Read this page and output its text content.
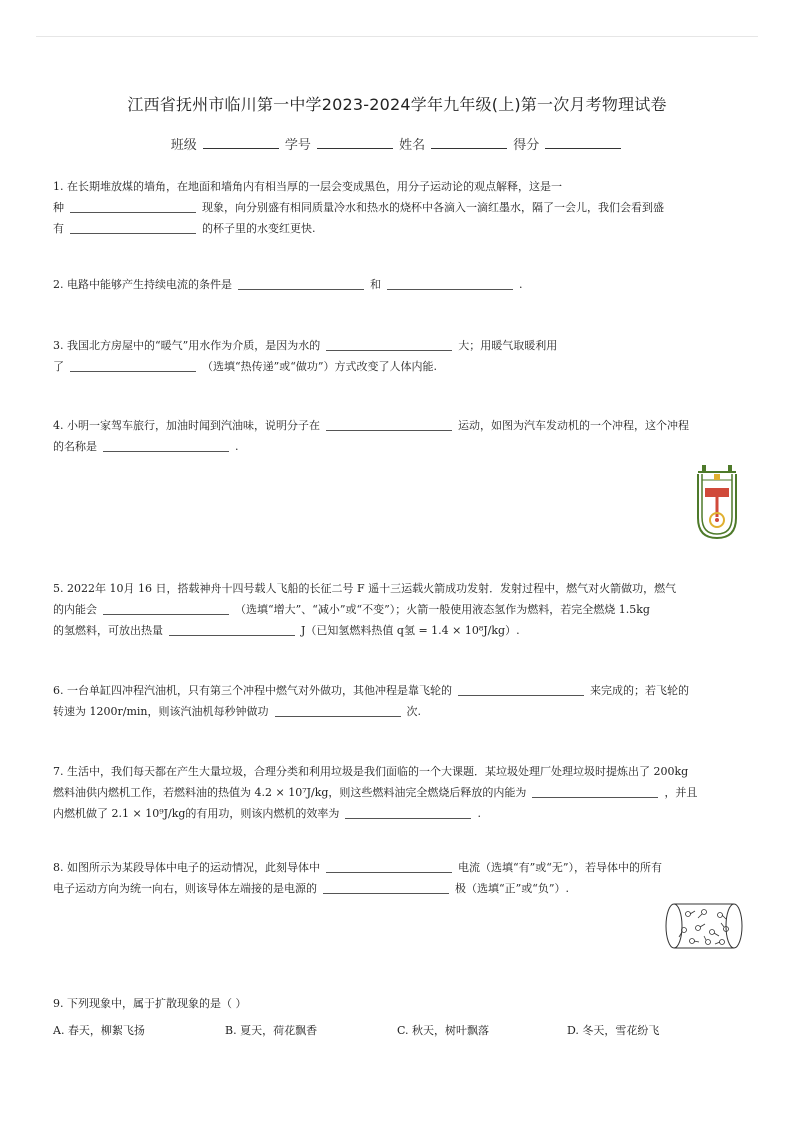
江西省抚州市临川第一中学2023-2024学年九年级(上)第一次月考物理试卷
班级	学号	姓名	得分
1. 在长期堆放煤的墙角，在地面和墙角内有相当厚的一层会变成黑色，用分子运动论的观点解释，这是一
种	现象，向分别盛有相同质量冷水和热水的烧杯中各滴入一滴红墨水，隔了一会儿，我们会看到盛
有	的杯子里的水变红更快.
2. 电路中能够产生持续电流的条件是	和	.
3. 我国北方房屋中的“暖气”用水作为介质，是因为水的	大；用暖气取暖利用
了	（选填“热传递”或“做功”）方式改变了人体内能.
4. 小明一家驾车旅行，加油时闻到汽油味，说明分子在	运动，如图为汽车发动机的一个冲程，这个冲程
的名称是	.
5. 2022年 10月 16 日，搭载神舟十四号载人飞船的长征二号 F 遥十三运载火箭成功发射．发射过程中，燃气对火箭做功，燃气
的内能会	（选填“增大”、“减小”或“不变”）；火箭一般使用液态氢作为燃料，若完全燃烧 1.5kg
的氢燃料，可放出热量	J（已知氢燃料热值 q氢 = 1.4 × 10⁸J/kg）.
6. 一台单缸四冲程汽油机，只有第三个冲程中燃气对外做功，其他冲程是靠飞轮的	来完成的；若飞轮的
转速为 1200r/min，则该汽油机每秒钟做功	次.
7. 生活中，我们每天都在产生大量垃圾，合理分类和利用垃圾是我们面临的一个大课题．某垃圾处理厂处理垃圾时提炼出了 200kg
燃料油供内燃机工作，若燃料油的热值为 4.2 × 10⁷J/kg，则这些燃料油完全燃烧后释放的内能为	，并且
内燃机做了 2.1 × 10⁹J/kg的有用功，则该内燃机的效率为	.
8. 如图所示为某段导体中电子的运动情况，此刻导体中	电流（选填“有”或“无”），若导体中的所有
电子运动方向为统一向右，则该导体左端接的是电源的	极（选填“正”或“负”）.
9. 下列现象中，属于扩散现象的是（ ）
A. 春天，柳絮飞扬	B. 夏天，荷花飘香	C. 秋天，树叶飘落	D. 冬天，雪花纷飞
